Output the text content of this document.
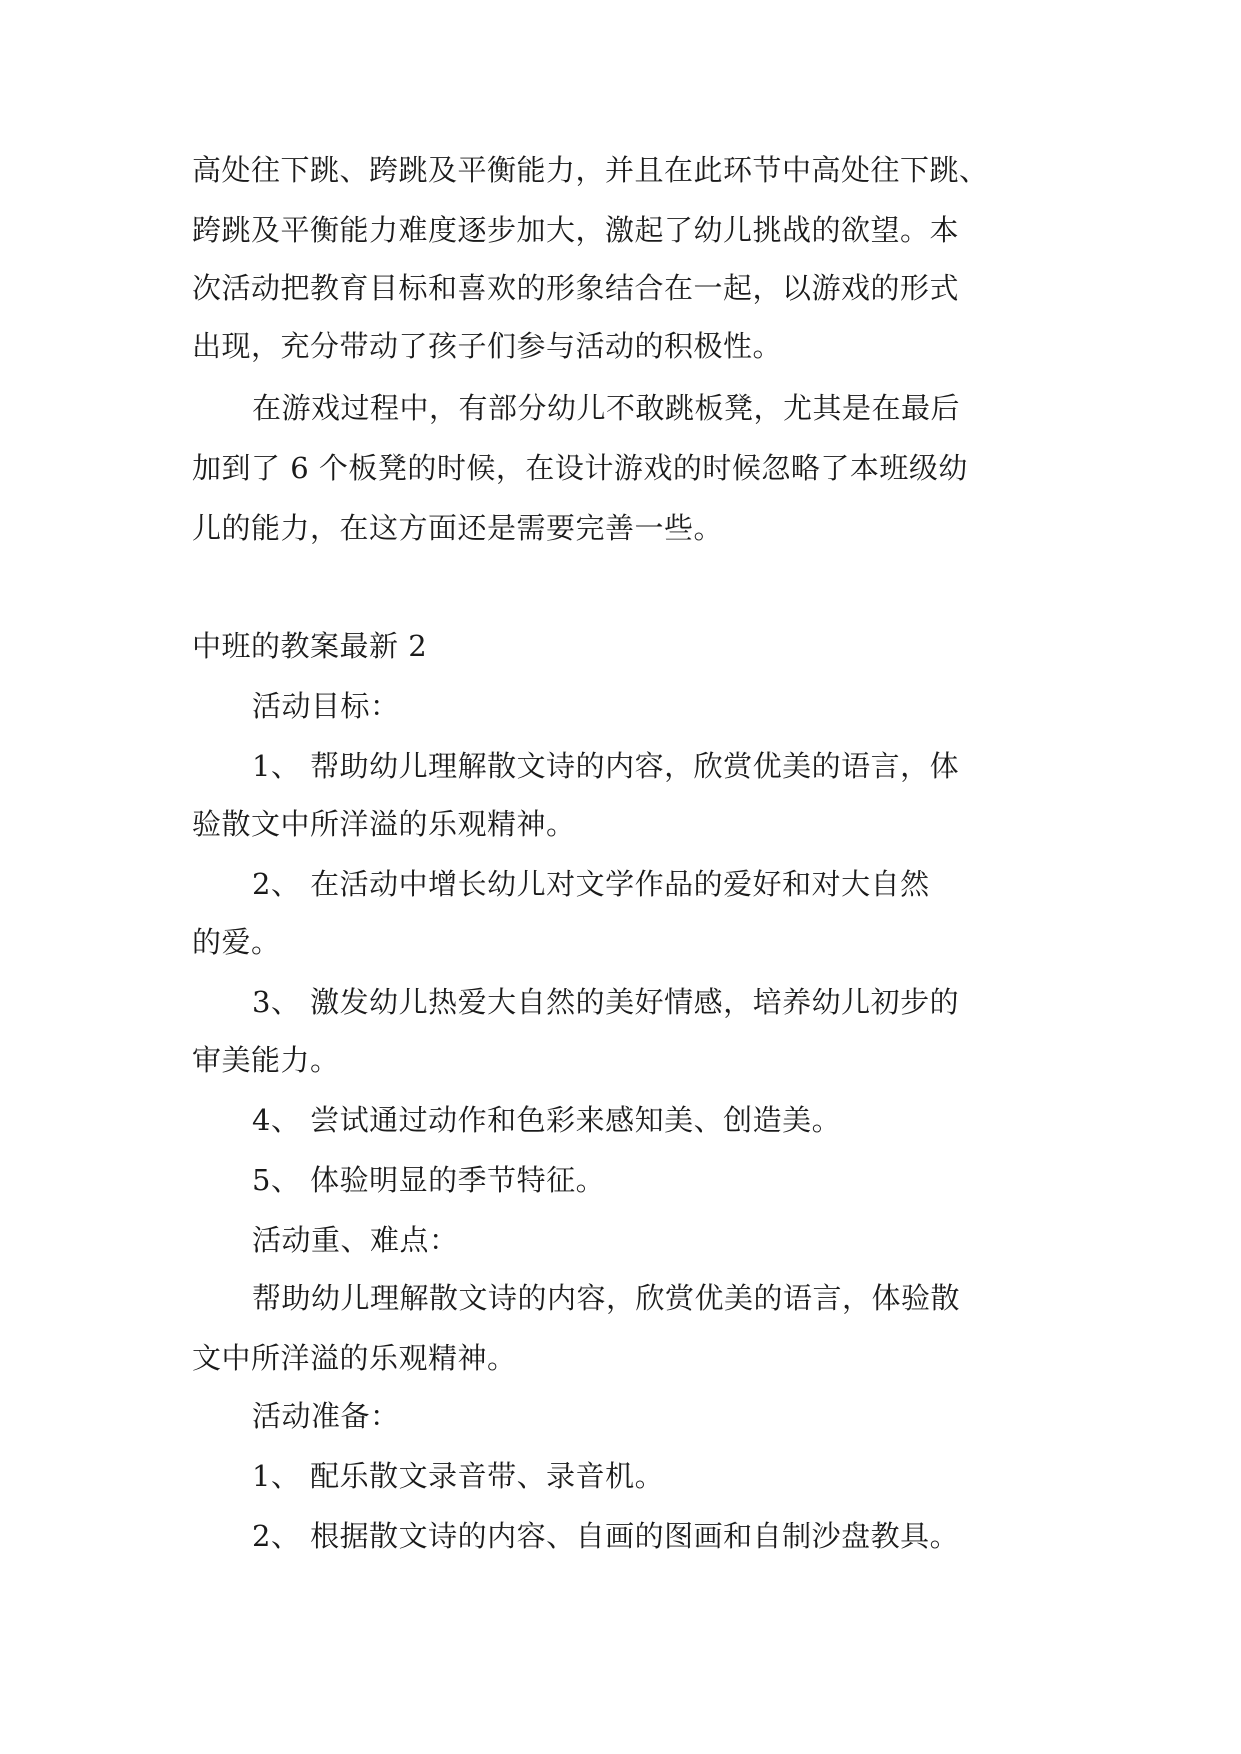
高处往下跳、跨跳及平衡能力，并且在此环节中高处往下跳、
跨跳及平衡能力难度逐步加大，激起了幼儿挑战的欲望。本
次活动把教育目标和喜欢的形象结合在一起，以游戏的形式
出现，充分带动了孩子们参与活动的积极性。
在游戏过程中，有部分幼儿不敢跳板凳，尤其是在最后
加到了 6 个板凳的时候，在设计游戏的时候忽略了本班级幼
儿的能力，在这方面还是需要完善一些。
中班的教案最新 2
活动目标：
1、 帮助幼儿理解散文诗的内容，欣赏优美的语言，体
验散文中所洋溢的乐观精神。
2、 在活动中增长幼儿对文学作品的爱好和对大自然
的爱。
3、 激发幼儿热爱大自然的美好情感，培养幼儿初步的
审美能力。
4、 尝试通过动作和色彩来感知美、创造美。
5、 体验明显的季节特征。
活动重、难点：
帮助幼儿理解散文诗的内容，欣赏优美的语言，体验散
文中所洋溢的乐观精神。
活动准备：
1、 配乐散文录音带、录音机。
2、 根据散文诗的内容、自画的图画和自制沙盘教具。
